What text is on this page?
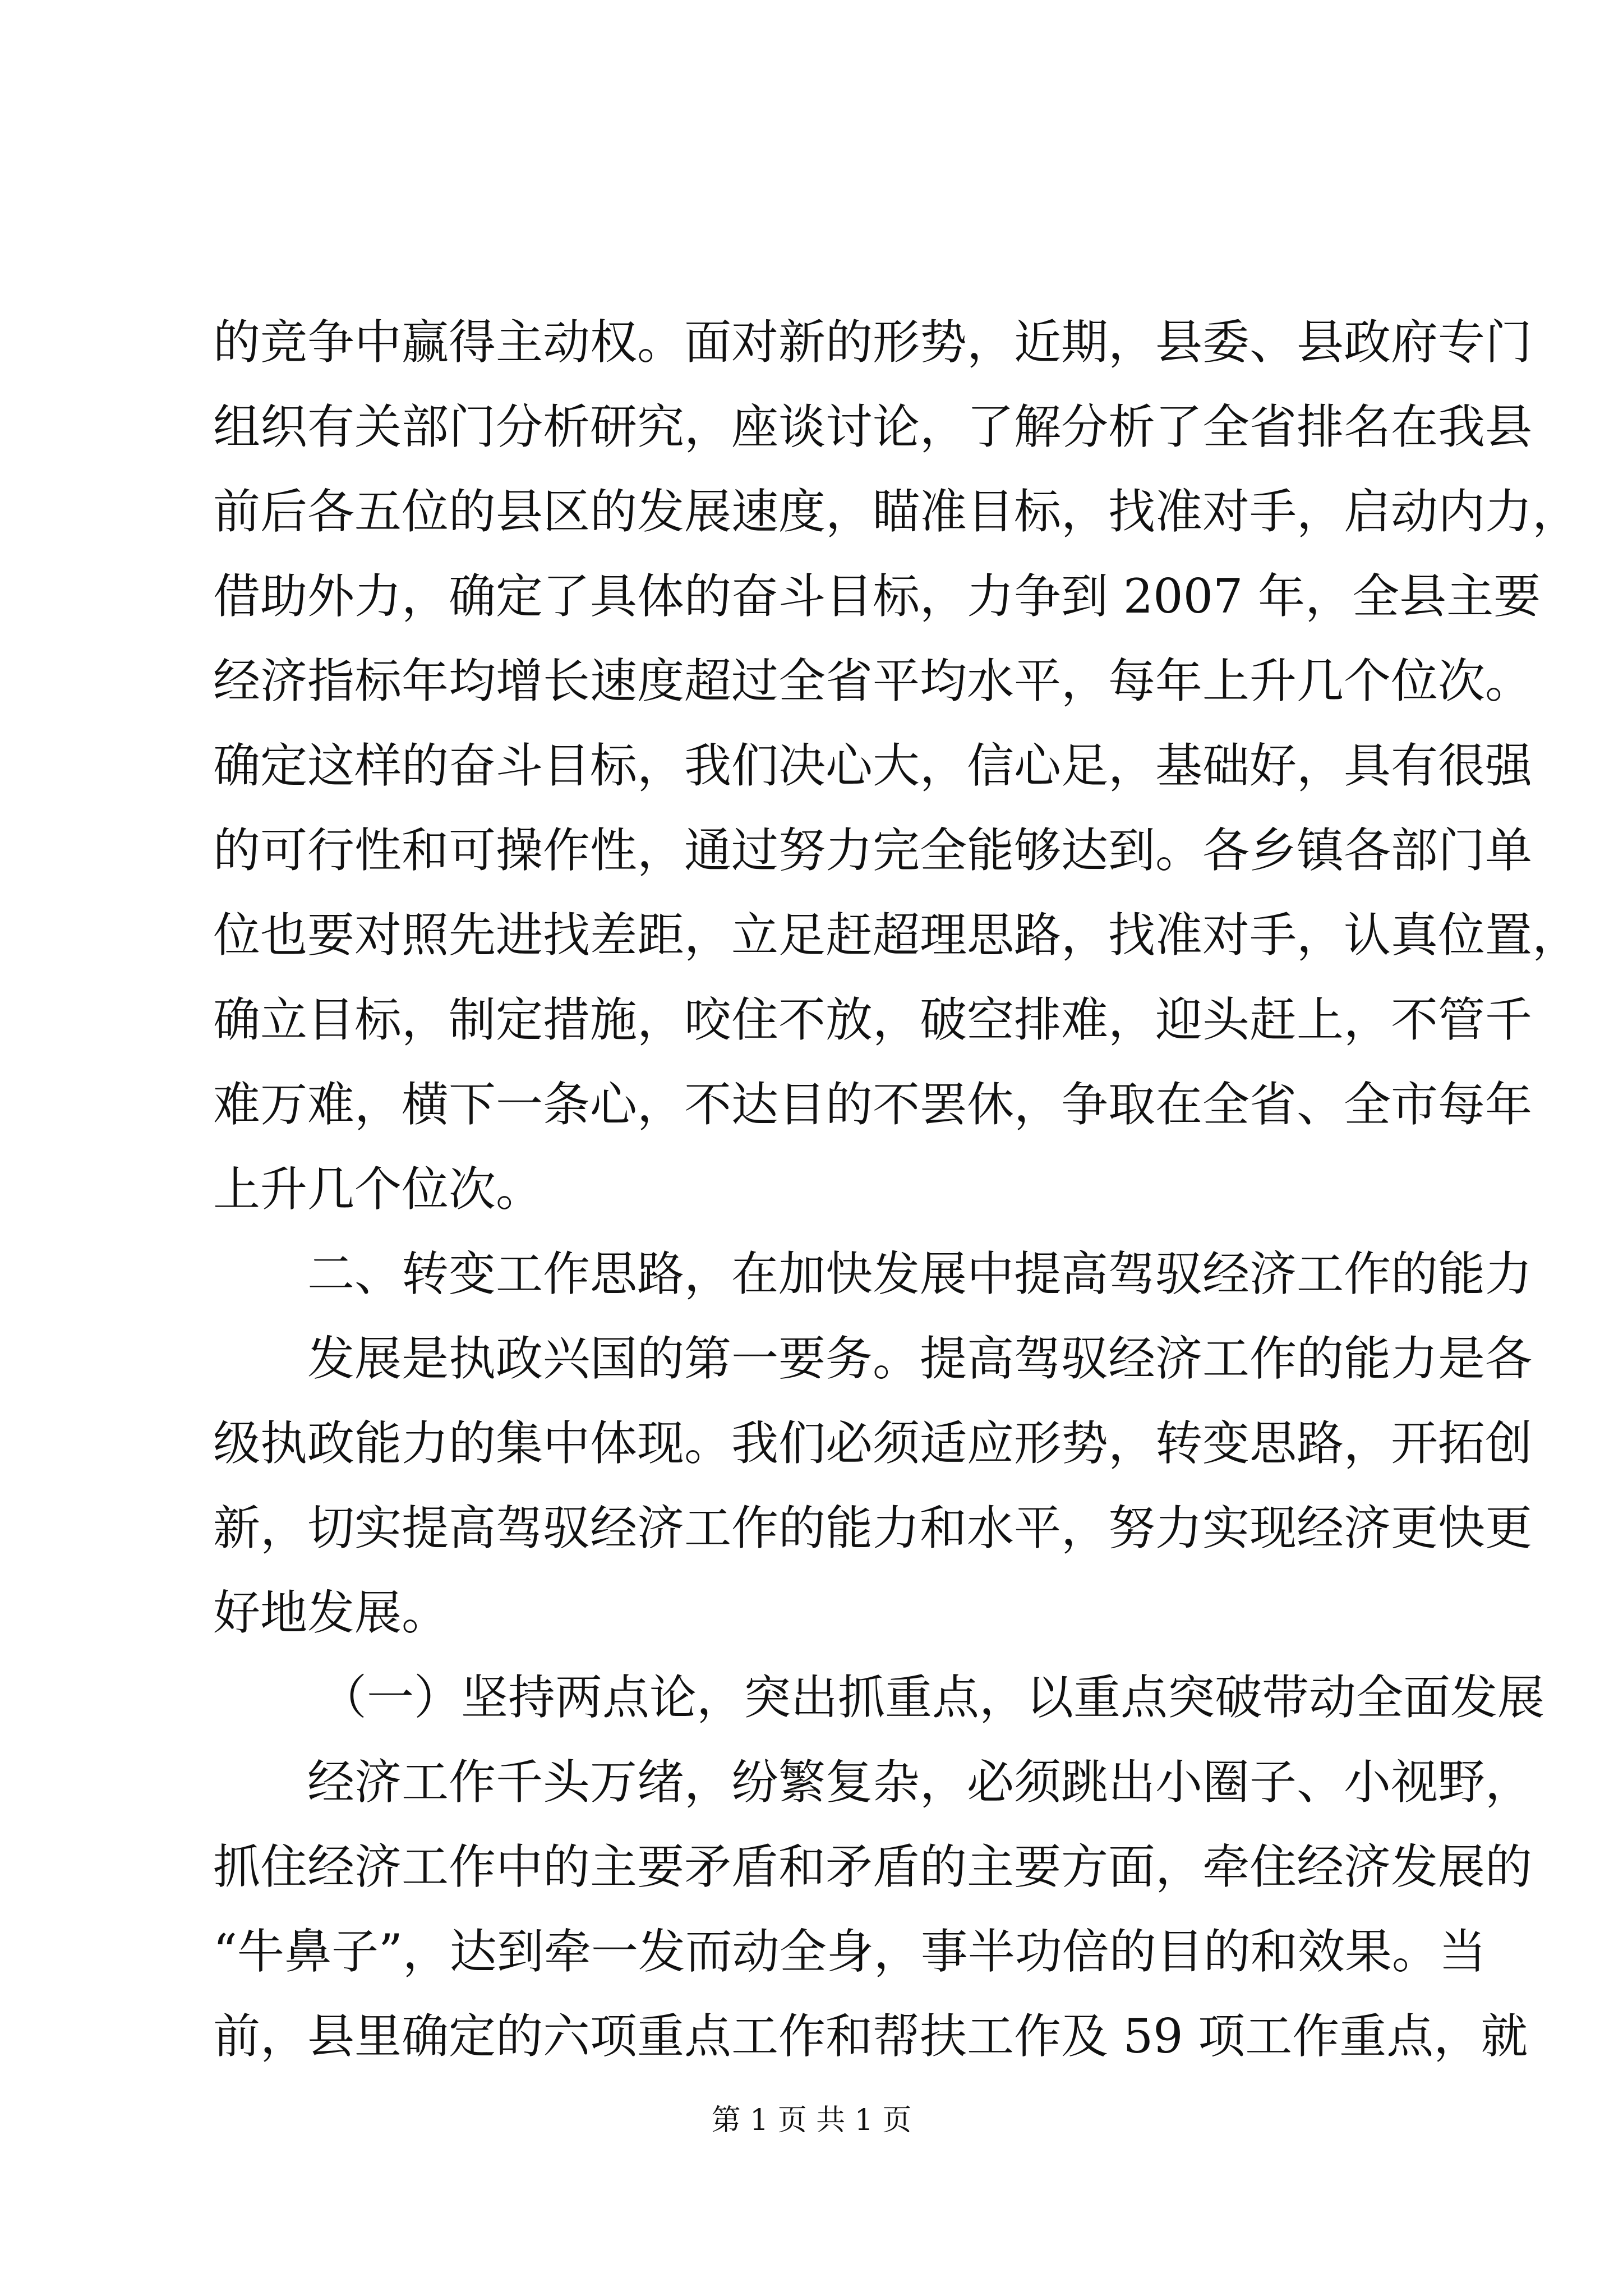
的竞争中赢得主动权。面对新的形势，近期，县委、县政府专门
组织有关部门分析研究，座谈讨论，了解分析了全省排名在我县
前后各五位的县区的发展速度，瞄准目标，找准对手，启动内力，
借助外力，确定了具体的奋斗目标，力争到 2007 年，全县主要
经济指标年均增长速度超过全省平均水平，每年上升几个位次。
确定这样的奋斗目标，我们决心大，信心足，基础好，具有很强
的可行性和可操作性，通过努力完全能够达到。各乡镇各部门单
位也要对照先进找差距，立足赶超理思路，找准对手，认真位置，
确立目标，制定措施，咬住不放，破空排难，迎头赶上，不管千
难万难，横下一条心，不达目的不罢休，争取在全省、全市每年
上升几个位次。
二、转变工作思路，在加快发展中提高驾驭经济工作的能力
发展是执政兴国的第一要务。提高驾驭经济工作的能力是各
级执政能力的集中体现。我们必须适应形势，转变思路，开拓创
新，切实提高驾驭经济工作的能力和水平，努力实现经济更快更
好地发展。
（一）坚持两点论，突出抓重点，以重点突破带动全面发展
经济工作千头万绪，纷繁复杂，必须跳出小圈子、小视野，
抓住经济工作中的主要矛盾和矛盾的主要方面，牵住经济发展的
“牛鼻子”，达到牵一发而动全身，事半功倍的目的和效果。当
前，县里确定的六项重点工作和帮扶工作及 59 项工作重点，就
第 1 页 共 1 页
